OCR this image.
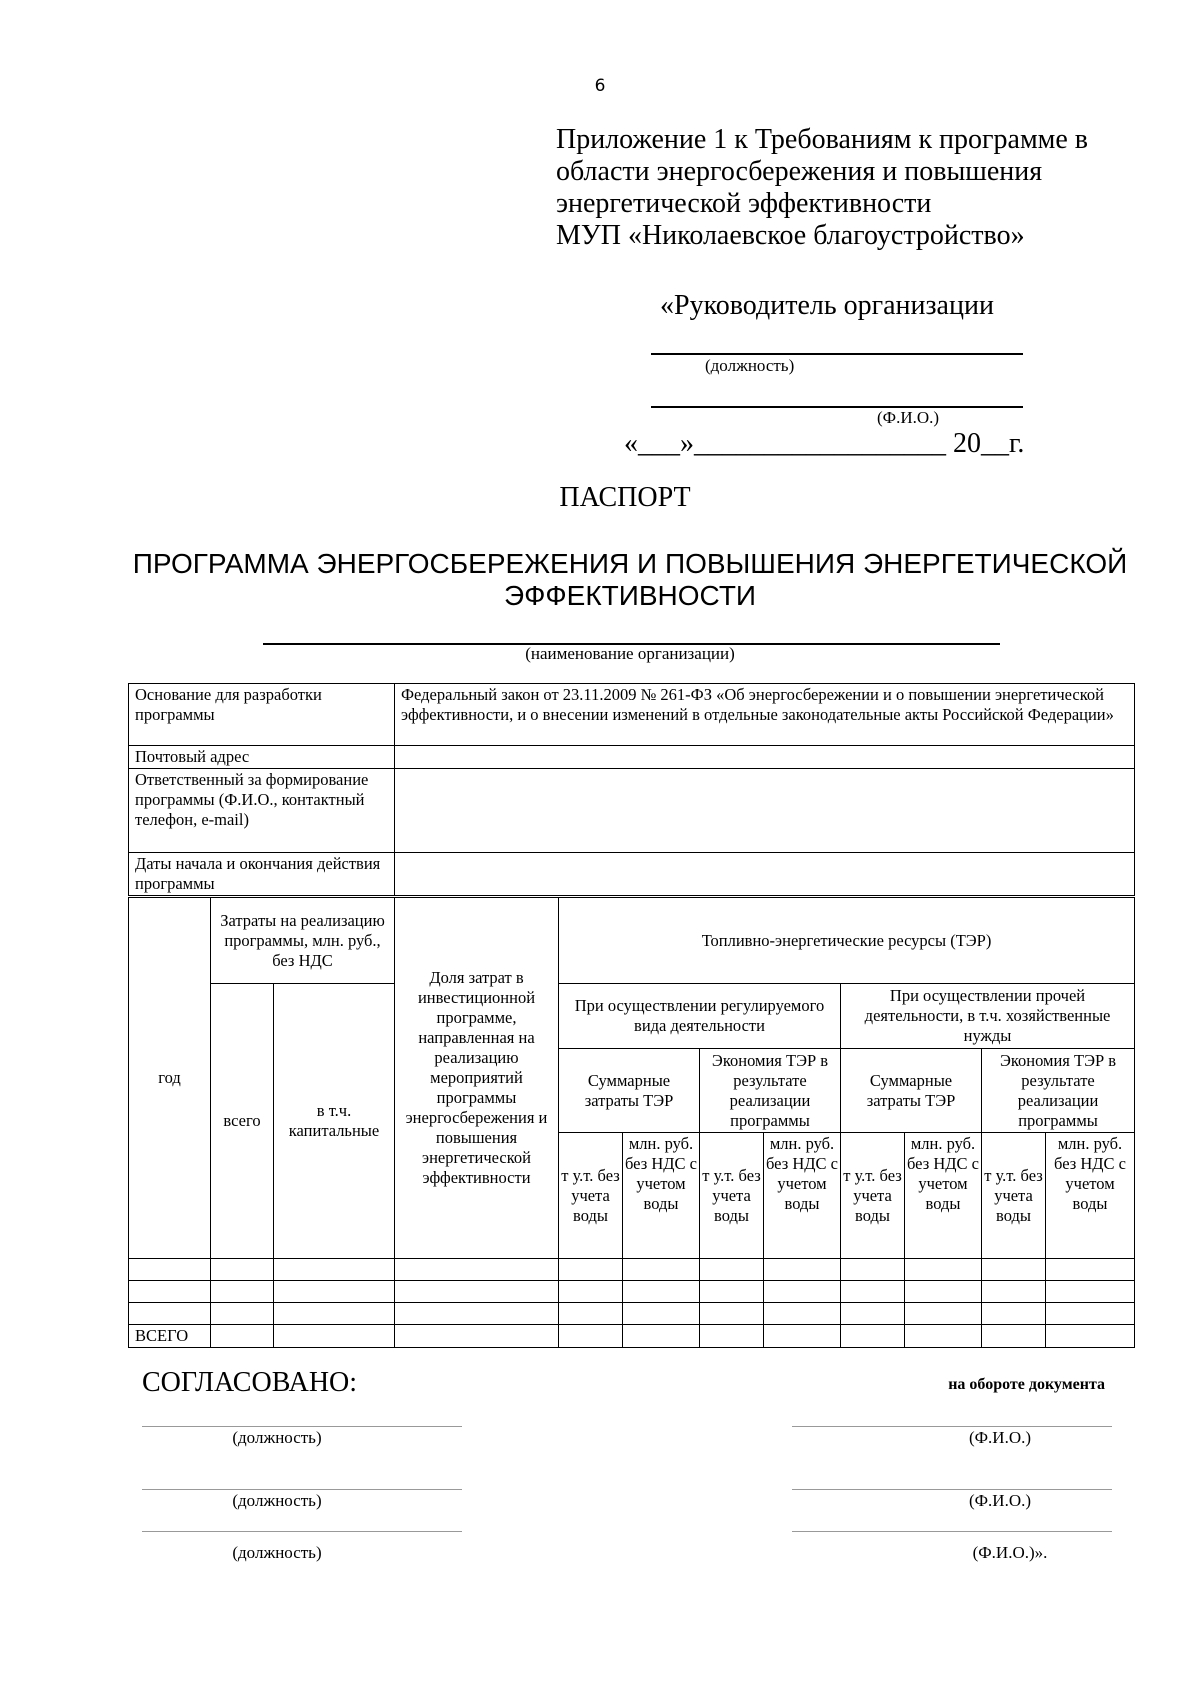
6
Приложение 1 к Требованиям к программе в
области энергосбережения и повышения
энергетической эффективности
МУП «Николаевское благоустройство»
«Руководитель организации
(должность)
(Ф.И.О.)
«___»__________________ 20__г.
ПАСПОРТ
ПРОГРАММА ЭНЕРГОСБЕРЕЖЕНИЯ И ПОВЫШЕНИЯ ЭНЕРГЕТИЧЕСКОЙ
ЭФФЕКТИВНОСТИ
(наименование организации)
Основание для разработки программы	Федеральный закон от 23.11.2009 № 261-ФЗ «Об энергосбережении и о повышении энергетической эффективности, и о внесении изменений в отдельные законодательные акты Российской Федерации»
Почтовый адрес	
Ответственный за формирование программы (Ф.И.О., контактный телефон, e-mail)	
Даты начала и окончания действия программы	
год	Затраты на реализацию программы, млн. руб., без НДС		Доля затрат в инвестиционной программе, направленная на реализацию мероприятий программы энергосбережения и повышения энергетической эффективности	Топливно-энергетические ресурсы (ТЭР)							
	всего	в т.ч. капитальные		При осуществлении регулируемого вида деятельности				При осуществлении прочей деятельности, в т.ч. хозяйственные нужды			
				Суммарные затраты ТЭР		Экономия ТЭР в результате реализации программы		Суммарные затраты ТЭР		Экономия ТЭР в результате реализации программы	
				т у.т. без учета воды	млн. руб. без НДС с учетом воды	т у.т. без учета воды	млн. руб. без НДС с учетом воды	т у.т. без учета воды	млн. руб. без НДС с учетом воды	т у.т. без учета воды	млн. руб. без НДС с учетом воды

ВСЕГО											
СОГЛАСОВАНО:	на обороте документа
(должность)	(Ф.И.О.)
(должность)	(Ф.И.О.)
(должность)	(Ф.И.О.)».
